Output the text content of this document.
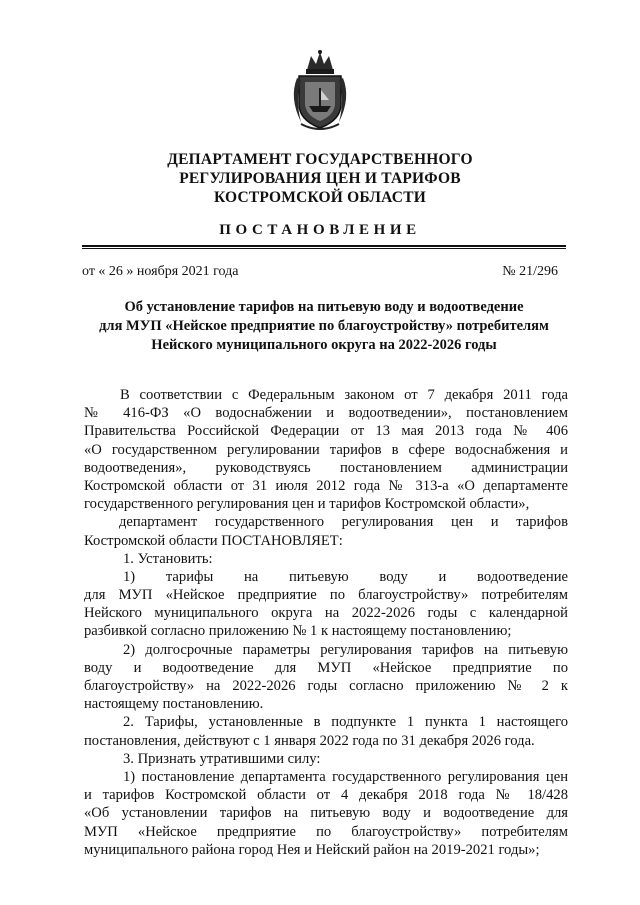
ДЕПАРТАМЕНТ ГОСУДАРСТВЕННОГО
РЕГУЛИРОВАНИЯ ЦЕН И ТАРИФОВ
КОСТРОМСКОЙ ОБЛАСТИ
ПОСТАНОВЛЕНИЕ
от « 26 » ноября 2021 года	№ 21/296
Об установление тарифов на питьевую воду и водоотведение
для МУП «Нейское предприятие по благоустройству» потребителям
Нейского муниципального округа на 2022-2026 годы
В соответствии с Федеральным законом от 7 декабря 2011 года
№ 416-ФЗ «О водоснабжении и водоотведении», постановлением
Правительства Российской Федерации от 13 мая 2013 года № 406
«О государственном регулировании тарифов в сфере водоснабжения и
водоотведения», руководствуясь постановлением администрации
Костромской области от 31 июля 2012 года № 313-а «О департаменте
государственного регулирования цен и тарифов Костромской области»,
департамент государственного регулирования цен и тарифов
Костромской области ПОСТАНОВЛЯЕТ:
1. Установить:
1) тарифы на питьевую воду и водоотведение
для МУП «Нейское предприятие по благоустройству» потребителям
Нейского муниципального округа на 2022-2026 годы с календарной
разбивкой согласно приложению № 1 к настоящему постановлению;
2) долгосрочные параметры регулирования тарифов на питьевую
воду и водоотведение для МУП «Нейское предприятие по
благоустройству» на 2022-2026 годы согласно приложению № 2 к
настоящему постановлению.
2. Тарифы, установленные в подпункте 1 пункта 1 настоящего
постановления, действуют с 1 января 2022 года по 31 декабря 2026 года.
3. Признать утратившими силу:
1) постановление департамента государственного регулирования цен
и тарифов Костромской области от 4 декабря 2018 года № 18/428
«Об установлении тарифов на питьевую воду и водоотведение для
МУП «Нейское предприятие по благоустройству» потребителям
муниципального района город Нея и Нейский район на 2019-2021 годы»;
